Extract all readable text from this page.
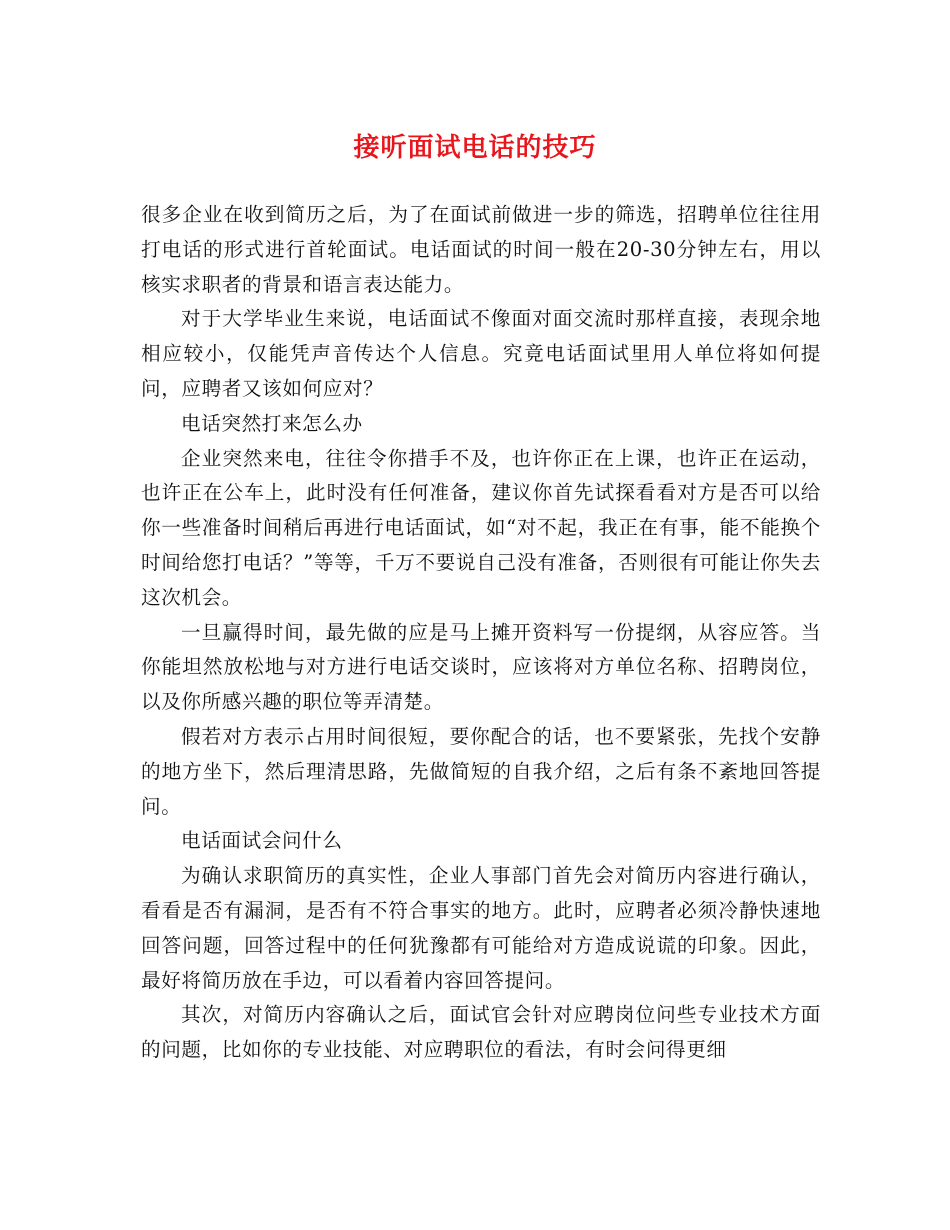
接听面试电话的技巧

很多企业在收到简历之后，为了在面试前做进一步的筛选，招聘单位往往用打电话的形式进行首轮面试。电话面试的时间一般在20-30分钟左右，用以核实求职者的背景和语言表达能力。

对于大学毕业生来说，电话面试不像面对面交流时那样直接，表现余地相应较小，仅能凭声音传达个人信息。究竟电话面试里用人单位将如何提问，应聘者又该如何应对？

电话突然打来怎么办

企业突然来电，往往令你措手不及，也许你正在上课，也许正在运动，也许正在公车上，此时没有任何准备，建议你首先试探看看对方是否可以给你一些准备时间稍后再进行电话面试，如“对不起，我正在有事，能不能换个时间给您打电话？”等等，千万不要说自己没有准备，否则很有可能让你失去这次机会。

一旦赢得时间，最先做的应是马上摊开资料写一份提纲，从容应答。当你能坦然放松地与对方进行电话交谈时，应该将对方单位名称、招聘岗位，以及你所感兴趣的职位等弄清楚。

假若对方表示占用时间很短，要你配合的话，也不要紧张，先找个安静的地方坐下，然后理清思路，先做简短的自我介绍，之后有条不紊地回答提问。

电话面试会问什么

为确认求职简历的真实性，企业人事部门首先会对简历内容进行确认，看看是否有漏洞，是否有不符合事实的地方。此时，应聘者必须冷静快速地回答问题，回答过程中的任何犹豫都有可能给对方造成说谎的印象。因此，最好将简历放在手边，可以看着内容回答提问。

其次，对简历内容确认之后，面试官会针对应聘岗位问些专业技术方面的问题，比如你的专业技能、对应聘职位的看法，有时会问得更细
